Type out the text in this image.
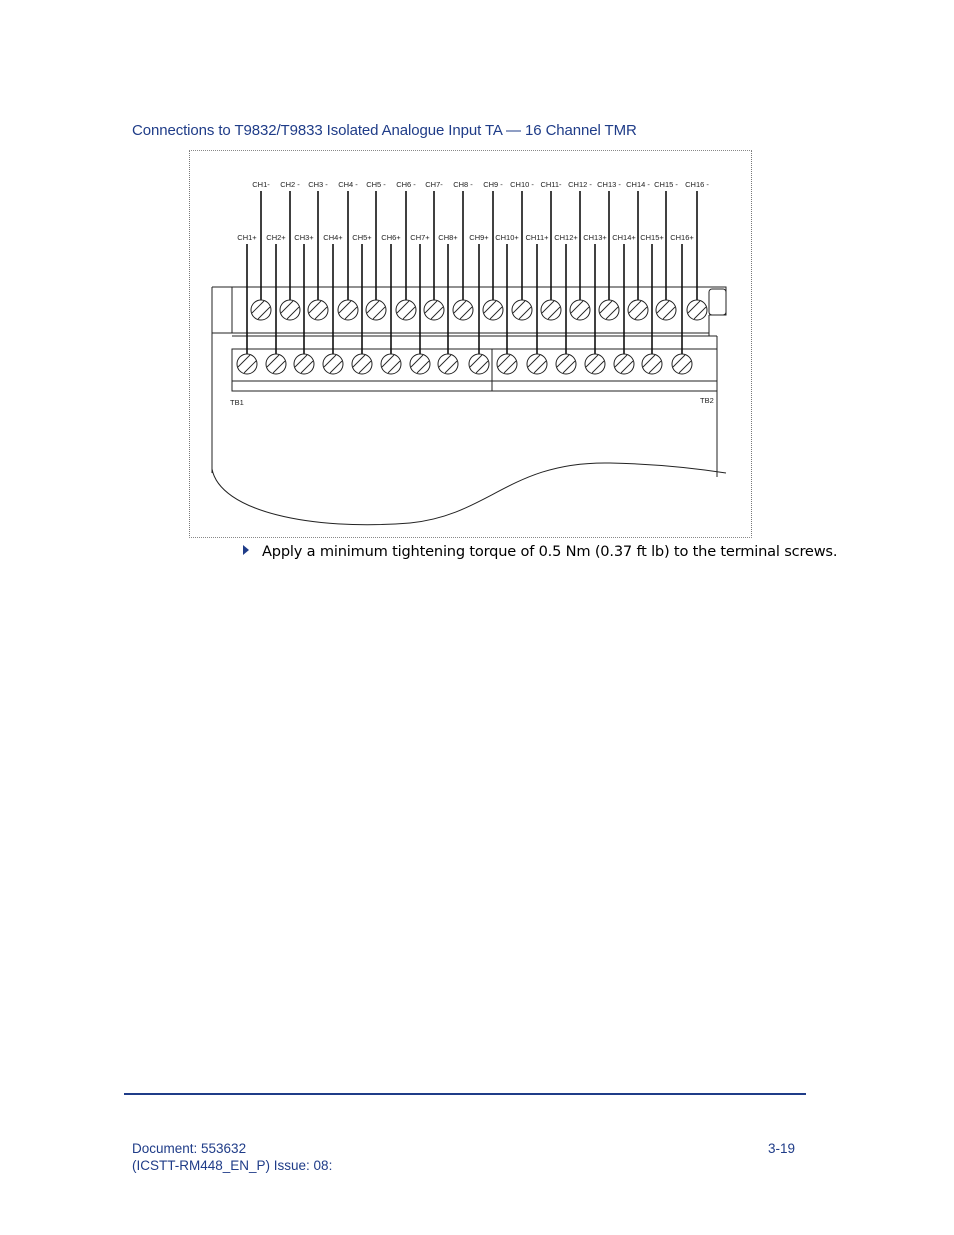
Connections to T9832/T9833 Isolated Analogue Input TA — 16 Channel TMR
CH1- CH2 - CH3 - CH4 - CH5 - CH6 - CH7- CH8 - CH9 - CH10 - CH11- CH12 - CH13 - CH14 - CH15 - CH16 -
CH1+ CH2+ CH3+ CH4+ CH5+ CH6+ CH7+ CH8+ CH9+ CH10+ CH11+ CH12+ CH13+ CH14+ CH15+ CH16+
TB1	TB2
Apply a minimum tightening torque of 0.5 Nm (0.37 ft lb) to the terminal screws.
Document: 553632
(ICSTT-RM448_EN_P) Issue: 08:
3-19
